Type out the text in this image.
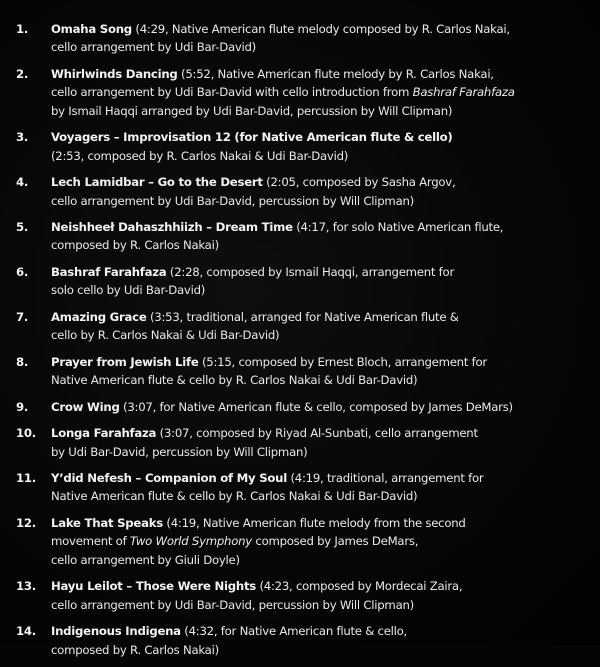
1. Omaha Song (4:29, Native American flute melody composed by R. Carlos Nakai,
cello arrangement by Udi Bar-David)
2. Whirlwinds Dancing (5:52, Native American flute melody by R. Carlos Nakai,
cello arrangement by Udi Bar-David with cello introduction from Bashraf Farahfaza
by Ismail Haqqi arranged by Udi Bar-David, percussion by Will Clipman)
3. Voyagers – Improvisation 12 (for Native American flute & cello)
(2:53, composed by R. Carlos Nakai & Udi Bar-David)
4. Lech Lamidbar – Go to the Desert (2:05, composed by Sasha Argov,
cello arrangement by Udi Bar-David, percussion by Will Clipman)
5. Neishheeł Dahaszhhiizh – Dream Time (4:17, for solo Native American flute,
composed by R. Carlos Nakai)
6. Bashraf Farahfaza (2:28, composed by Ismail Haqqi, arrangement for
solo cello by Udi Bar-David)
7. Amazing Grace (3:53, traditional, arranged for Native American flute &
cello by R. Carlos Nakai & Udi Bar-David)
8. Prayer from Jewish Life (5:15, composed by Ernest Bloch, arrangement for
Native American flute & cello by R. Carlos Nakai & Udi Bar-David)
9. Crow Wing (3:07, for Native American flute & cello, composed by James DeMars)
10. Longa Farahfaza (3:07, composed by Riyad Al-Sunbati, cello arrangement
by Udi Bar-David, percussion by Will Clipman)
11. Y’did Nefesh – Companion of My Soul (4:19, traditional, arrangement for
Native American flute & cello by R. Carlos Nakai & Udi Bar-David)
12. Lake That Speaks (4:19, Native American flute melody from the second
movement of Two World Symphony composed by James DeMars,
cello arrangement by Giuli Doyle)
13. Hayu Leilot – Those Were Nights (4:23, composed by Mordecai Zaira,
cello arrangement by Udi Bar-David, percussion by Will Clipman)
14. Indigenous Indigena (4:32, for Native American flute & cello,
composed by R. Carlos Nakai)
